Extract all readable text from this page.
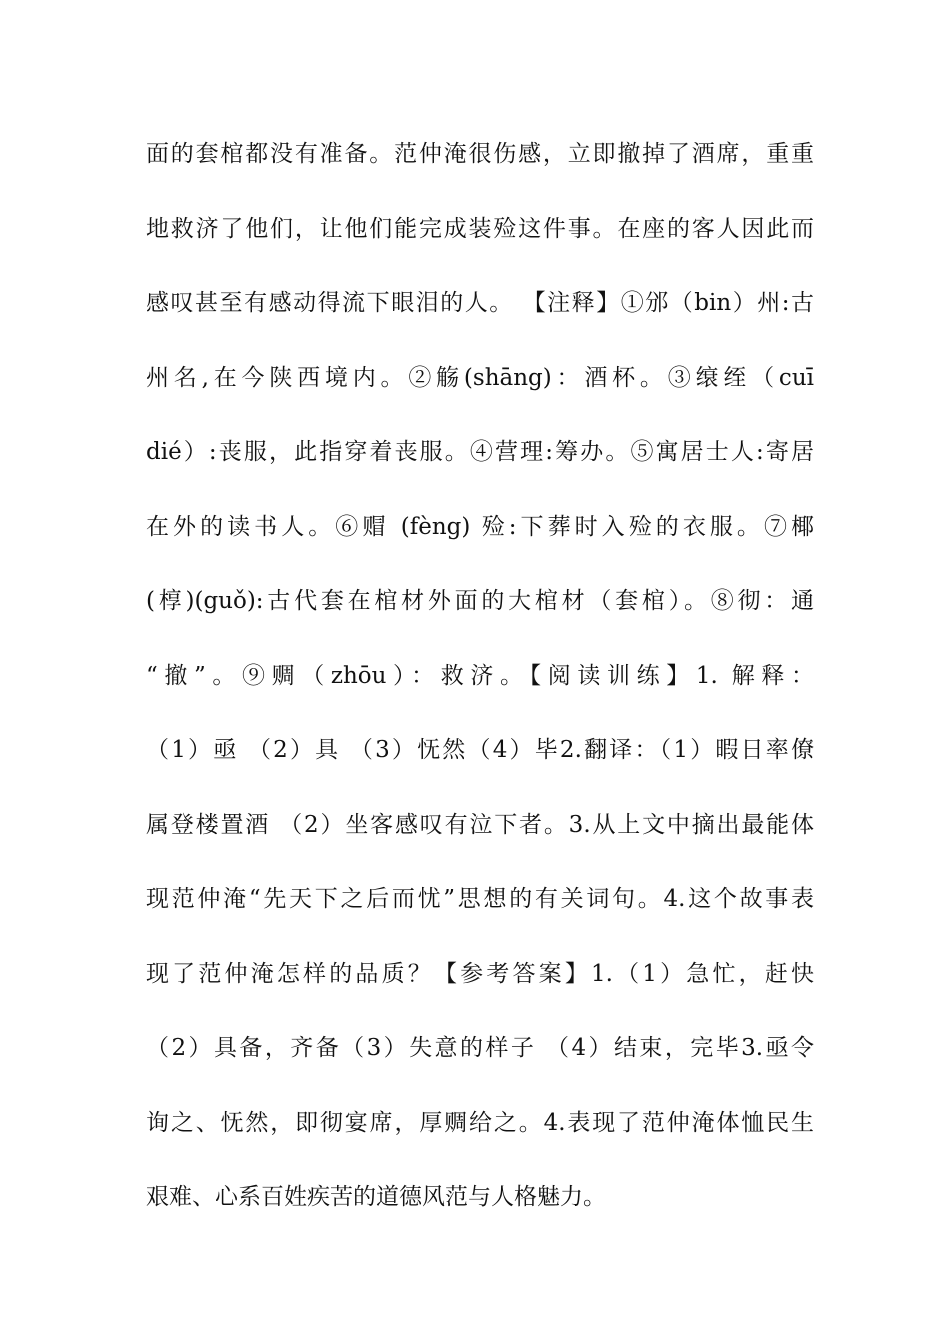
面的套棺都没有准备。范仲淹很伤感，立即撤掉了酒席，重重
地救济了他们，让他们能完成装殓这件事。在座的客人因此而
感叹甚至有感动得流下眼泪的人。 【注释】①邠（bin）州:古
州名,在今陕西境内。②觞(shāng)：酒杯。③缞绖（cuī
dié）:丧服，此指穿着丧服。④营理:筹办。⑤寓居士人:寄居
在外的读书人。⑥赗 (fèng) 殓:下葬时入殓的衣服。⑦椰
(椁)(guǒ):古代套在棺材外面的大棺材（套棺）。⑧彻：通
“撤”。⑨赒（zhōu）：救济。【阅读训练】1. 解释：
（1）亟 （2）具 （3）怃然（4）毕2.翻译：（1）暇日率僚
属登楼置酒 （2）坐客感叹有泣下者。3.从上文中摘出最能体
现范仲淹“先天下之后而忧”思想的有关词句。4.这个故事表
现了范仲淹怎样的品质？【参考答案】1.（1）急忙，赶快
（2）具备，齐备（3）失意的样子 （4）结束，完毕3.亟令
询之、怃然，即彻宴席，厚赒给之。4.表现了范仲淹体恤民生
艰难、心系百姓疾苦的道德风范与人格魅力。
